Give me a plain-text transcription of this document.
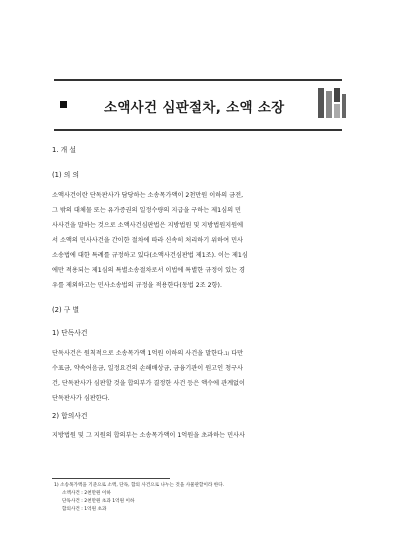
소액사건 심판절차, 소액 소장
1. 개 설
(1) 의 의
소액사건이란 단독판사가 담당하는 소송목가액이 2천만원 이하의 금전,
그 밖의 대체물 또는 유가증권의 일정수량의 지급을 구하는 제1심의 민
사사건을 말하는 것으로 소액사건심판법은 지방법원 및 지방법원지원에
서 소액의 민사사건을 간이한 절차에 따라 신속히 처리하기 위하여 민사
소송법에 대한 특례를 규정하고 있다(소액사건심판법 제1조). 이는 제1심
에만 적용되는 제1심의 특별소송절차로서 이법에 특별한 규정이 있는 경
우를 제외하고는 민사소송법의 규정을 적용한다(동법 2조 2항).
(2) 구 별
1) 단독사건
단독사건은 원칙적으로 소송목가액 1억원 이하의 사건을 말한다.$^{1)}$ 다만
수표금, 약속어음금, 일정요건의 손해배상금, 금융기관이 원고인 청구사
건, 단독판사가 심판할 것을 합의부가 결정한 사건 등은 액수에 관계없이
단독판사가 심판한다.
2) 합의사건
지방법원 및 그 지원의 합의부는 소송목가액이 1억원을 초과하는 민사사
1) 소송목가액을 기준으로 소액, 단독, 합의 사건으로 나누는 것을 사물관할이라 한다.
소액사건 : 2천만원 이하
단독사건 : 2천만원 초과 1억원 이하
합의사건 : 1억원 초과
